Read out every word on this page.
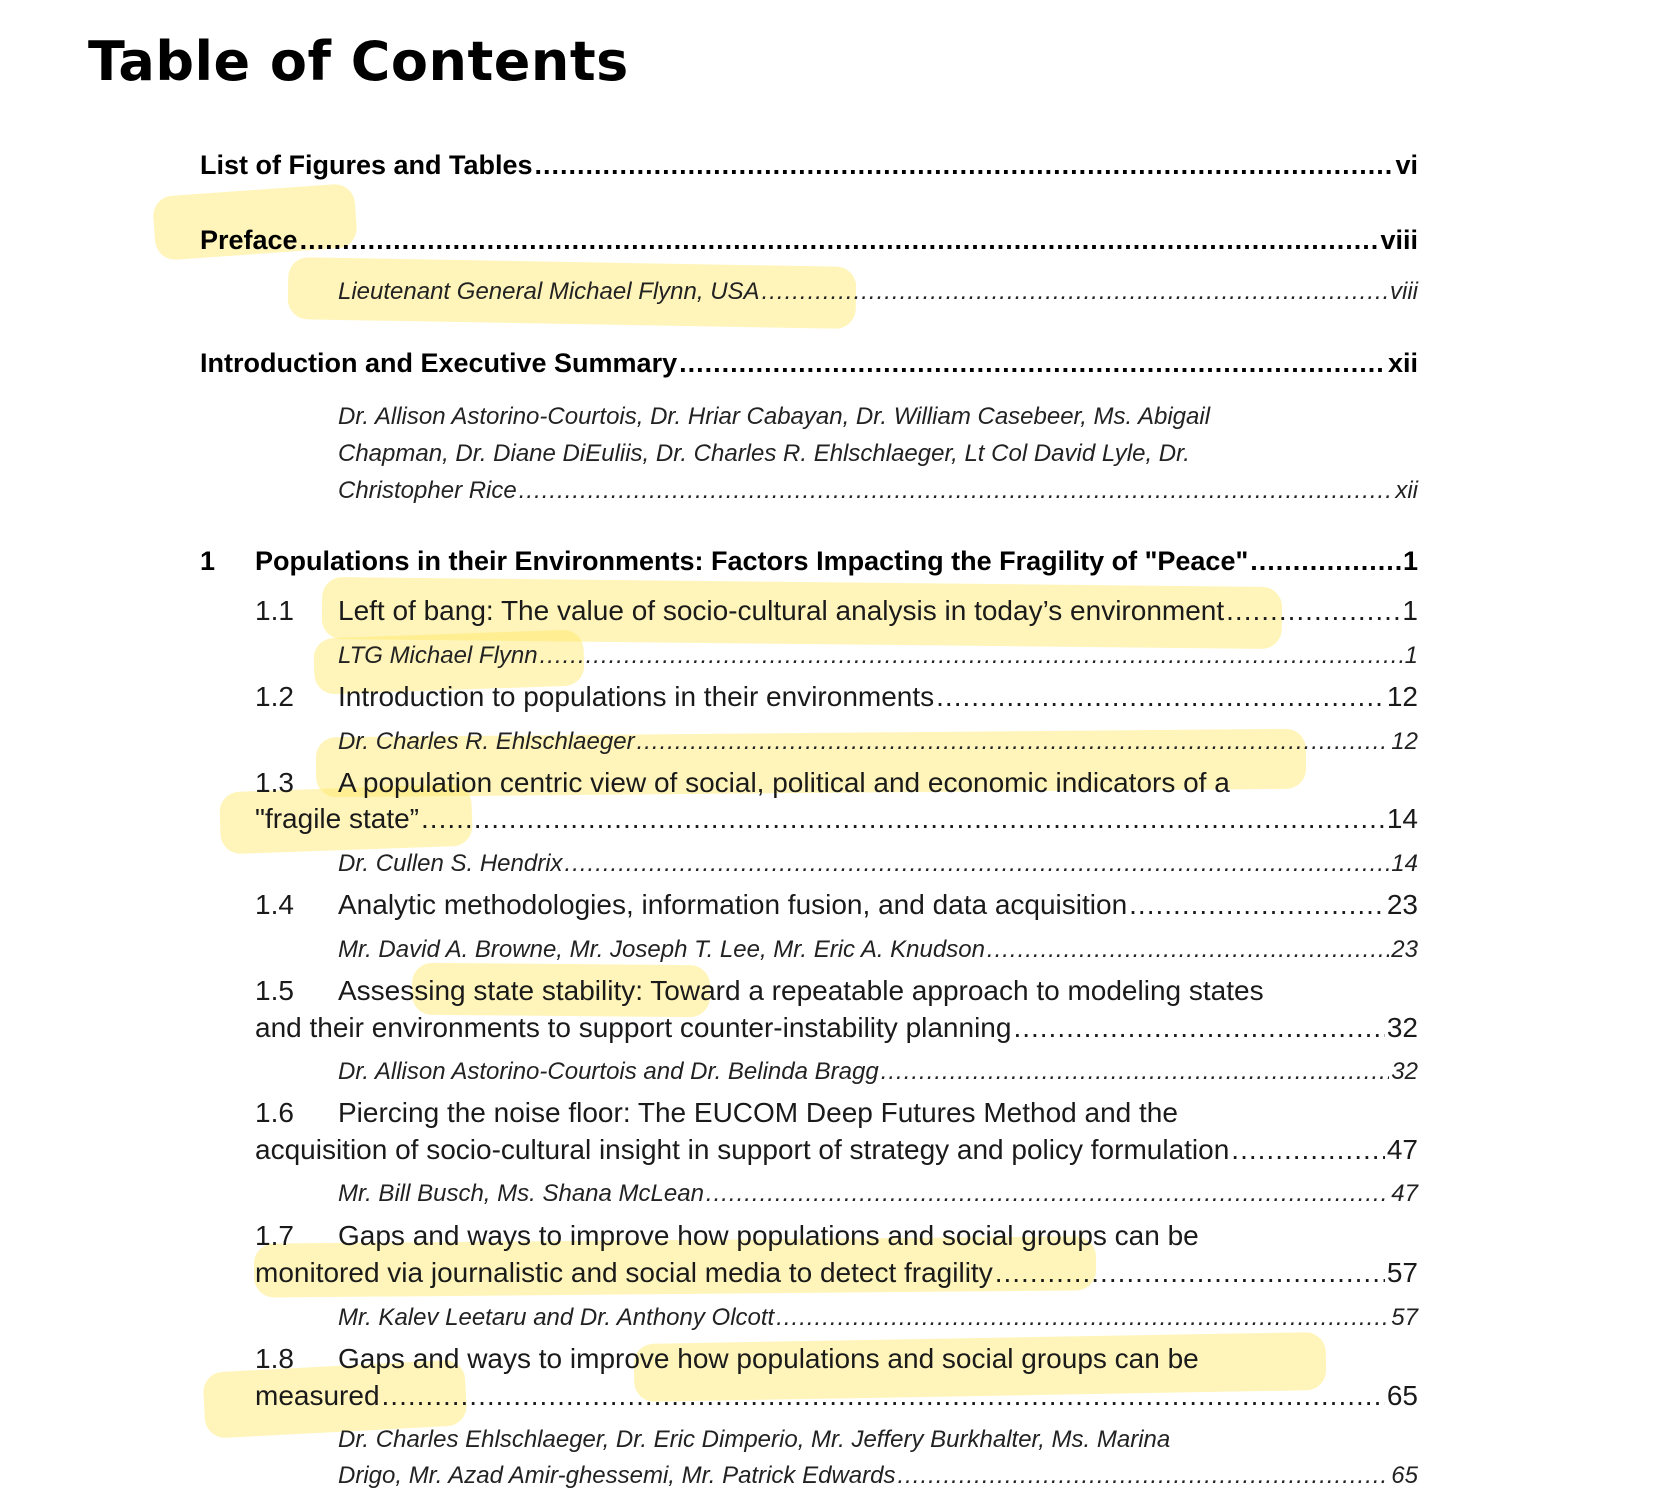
Table of Contents
List of Figures and Tables .....	vi
Preface .....	viii
Lieutenant General Michael Flynn, USA .....	viii
Introduction and Executive Summary .....	xii
Dr. Allison Astorino-Courtois, Dr. Hriar Cabayan, Dr. William Casebeer, Ms. Abigail
Chapman, Dr. Diane DiEuliis, Dr. Charles R. Ehlschlaeger, Lt Col David Lyle, Dr.
Christopher Rice .....	xii
1 Populations in their Environments: Factors Impacting the Fragility of "Peace" .....	1
1.1 Left of bang: The value of socio-cultural analysis in today’s environment .....	1
LTG Michael Flynn .....	1
1.2 Introduction to populations in their environments .....	12
Dr. Charles R. Ehlschlaeger .....	12
1.3 A population centric view of social, political and economic indicators of a
"fragile state” .....	14
Dr. Cullen S. Hendrix .....	14
1.4 Analytic methodologies, information fusion, and data acquisition .....	23
Mr. David A. Browne, Mr. Joseph T. Lee, Mr. Eric A. Knudson .....	23
1.5 Assessing state stability: Toward a repeatable approach to modeling states
and their environments to support counter-instability planning .....	32
Dr. Allison Astorino-Courtois and Dr. Belinda Bragg .....	32
1.6 Piercing the noise floor: The EUCOM Deep Futures Method and the
acquisition of socio-cultural insight in support of strategy and policy formulation .....	47
Mr. Bill Busch, Ms. Shana McLean .....	47
1.7 Gaps and ways to improve how populations and social groups can be
monitored via journalistic and social media to detect fragility .....	57
Mr. Kalev Leetaru and Dr. Anthony Olcott .....	57
1.8 Gaps and ways to improve how populations and social groups can be
measured .....	65
Dr. Charles Ehlschlaeger, Dr. Eric Dimperio, Mr. Jeffery Burkhalter, Ms. Marina
Drigo, Mr. Azad Amir-ghessemi, Mr. Patrick Edwards .....	65
